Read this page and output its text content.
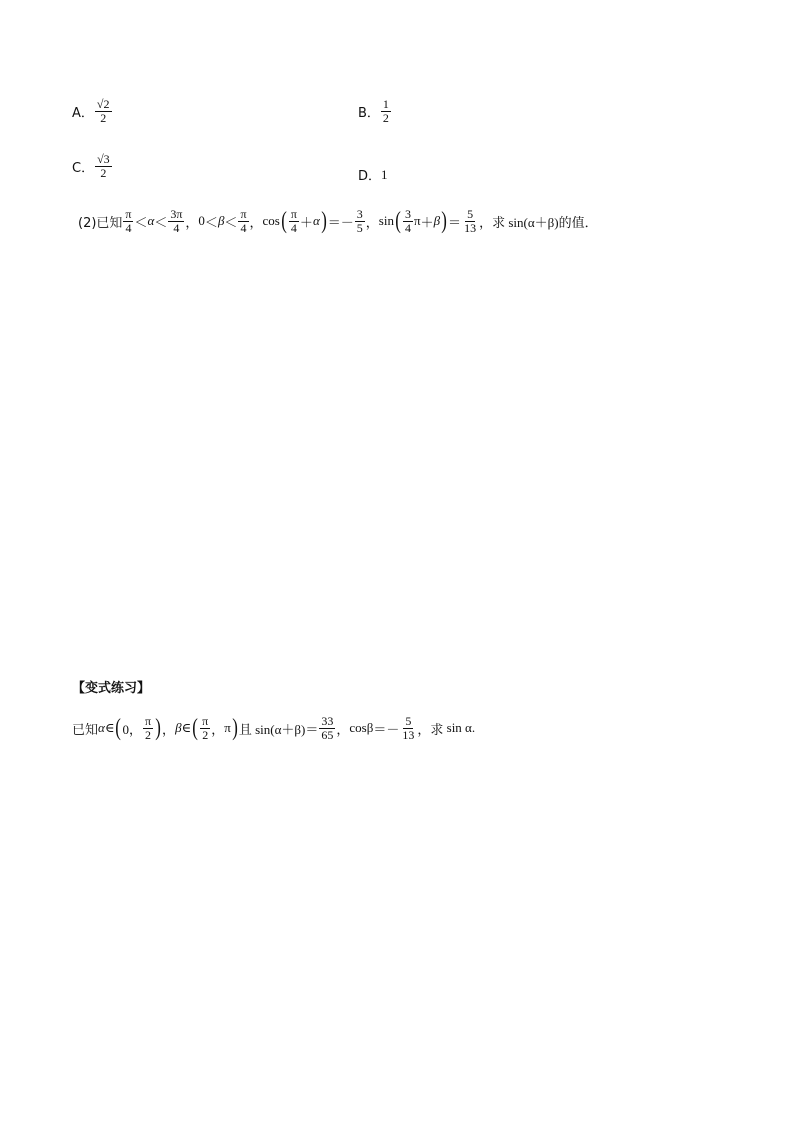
A． $\frac{√2}{2}$	B． $\frac{1}{2}$
C． $\frac{√3}{2}$	D． 1
(2)已知 $\frac{\pi}{4} < \alpha < \frac{3\pi}{4}$ ， $0 < \beta < \frac{\pi}{4}$ ， cos ( $\frac{\pi}{4} + \alpha$ ) ＝－ $\frac{3}{5}$ ， sin ( $\frac{3}{4}$ π ＋ β ) ＝ $\frac{5}{13}$ ， 求
sin(α＋β) 的值．
【变式练习】
已知 α ∈ ( 0， $\frac{\pi}{2}$ ) ， β ∈ ( $\frac{\pi}{2}$ ， π ) 且
$\sin(\alpha+\beta) = \frac{33}{65}$ ， $\cos\beta =- \frac{5}{13}$ ， 求
sin α.
